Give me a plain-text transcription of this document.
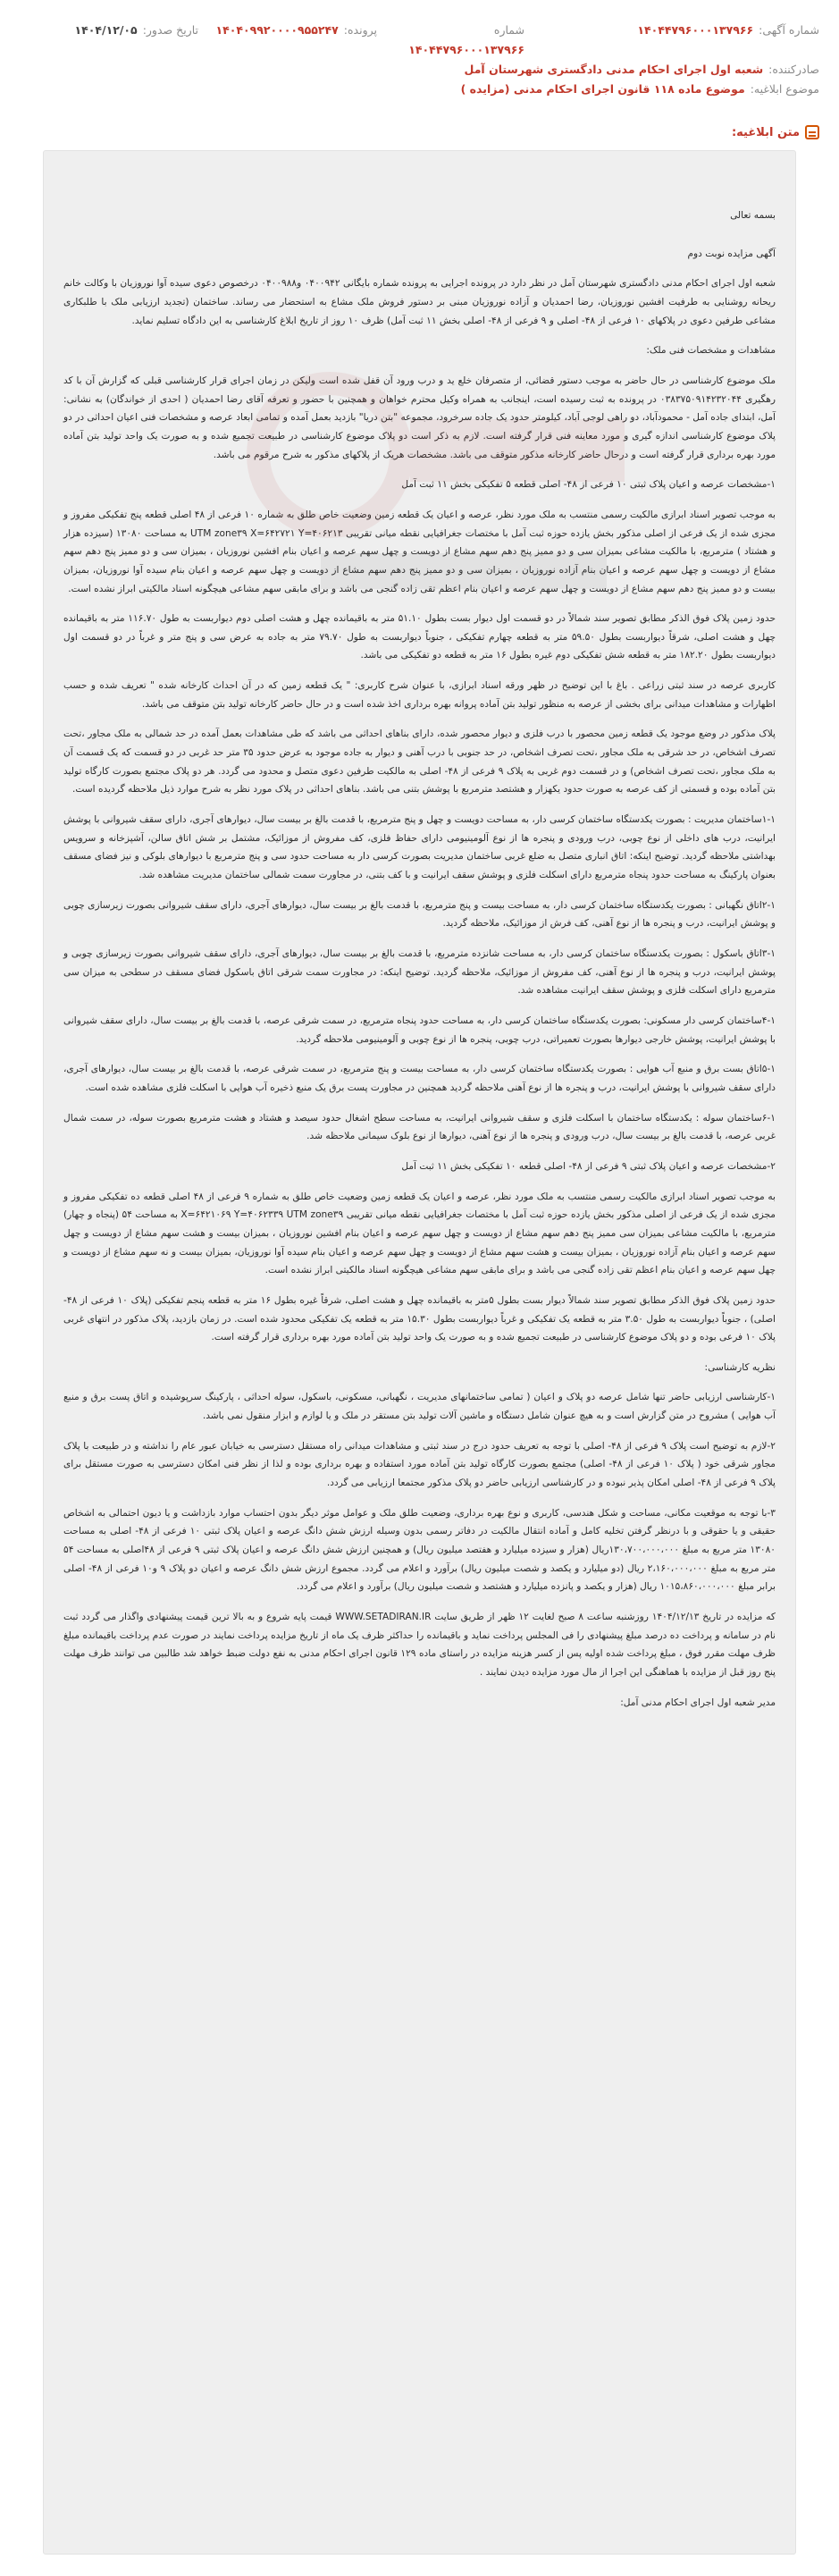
شماره آگهی:
۱۴۰۴۴۷۹۶۰۰۰۱۳۷۹۶۶
شماره
پرونده:
۱۴۰۴۰۹۹۲۰۰۰۰۹۵۵۲۴۷
تاریخ صدور:
۱۴۰۴/۱۲/۰۵
۱۴۰۴۴۷۹۶۰۰۰۱۳۷۹۶۶
صادرکننده:
شعبه اول اجرای احکام مدنی دادگستری شهرستان آمل
موضوع ابلاغیه:
موضوع ماده ۱۱۸ قانون اجرای احکام مدنی (مزایده )
متن ابلاغیه:

بسمه تعالی

آگهی مزایده نوبت دوم

شعبه اول اجرای احکام مدنی دادگستری شهرستان آمل در نظر دارد در پرونده اجرایی به پرونده شماره بایگانی ۰۴۰۰۹۴۲ و۰۴۰۰۹۸۸ درخصوص دعوی سیده آوا نوروزیان با وکالت خانم ریحانه روشنایی به طرفیت افشین نوروزیان، رضا احمدیان و آزاده نوروزیان مبنی بر دستور فروش ملک مشاع به استحضار می رساند. ساختمان (تجدید ارزیابی ملک با طلبکاری مشاعی طرفین دعوی در پلاکهای ۱۰ فرعی از ۴۸- اصلی و ۹ فرعی از ۴۸- اصلی بخش ۱۱ ثبت آمل) ظرف ۱۰ روز از تاریخ ابلاغ کارشناسی به این دادگاه تسلیم نماید.

مشاهدات و مشخصات فنی ملک:

ملک موضوع کارشناسی در حال حاضر به موجب دستور قضائی، از متصرفان خلع ید و درب ورود آن قفل شده است ولیکن در زمان اجرای قرار کارشناسی قبلی که گزارش آن با کد رهگیری ۰۳۸۳۷۵۰۹۱۴۲۳۲۰۴۴ در پرونده به ثبت رسیده است، اینجانب به همراه وکیل محترم خواهان و همچنین با حضور و تعرفه آقای رضا احمدیان ( احدی از خواندگان) به نشانی: آمل، ابتدای جاده آمل - محمودآباد، دو راهی لوجی آباد، کیلومتر حدود یک جاده سرخرود، مجموعه "بتن دریا" بازدید بعمل آمده و تمامی ابعاد عرصه و مشخصات فنی اعیان احداثی در دو پلاک موضوع کارشناسی اندازه گیری و مورد معاینه فنی قرار گرفته است. لازم به ذکر است دو پلاک موضوع کارشناسی در طبیعت تجمیع شده و به صورت یک واحد تولید بتن آماده مورد بهره برداری قرار گرفته است و درحال حاضر کارخانه مذکور متوقف می باشد. مشخصات هریک از پلاکهای مذکور به شرح مرقوم می باشد.

۱-مشخصات عرصه و اعیان پلاک ثبتی ۱۰ فرعی از ۴۸- اصلی قطعه ۵ تفکیکی بخش ۱۱ ثبت آمل

به موجب تصویر اسناد ابرازی مالکیت رسمی منتسب به ملک مورد نظر، عرصه و اعیان یک قطعه زمین وضعیت خاص طلق به شماره ۱۰ فرعی از ۴۸ اصلی قطعه پنج تفکیکی مفروز و مجزی شده از یک فرعی از اصلی مذکور بخش یازده حوزه ثبت آمل با مختصات جغرافیایی نقطه میانی تقریبی UTM zone۳۹ X=۶۴۲۷۲۱ Y=۴۰۶۲۱۳ به مساحت ۱۳۰۸۰ (سیزده هزار و هشتاد ) مترمربع، با مالکیت مشاعی بمیزان سی و دو ممیز پنج دهم سهم مشاع از دویست و چهل سهم عرصه و اعیان بنام افشین نوروزیان ، بمیزان سی و دو ممیز پنج دهم سهم مشاع از دویست و چهل سهم عرصه و اعیان بنام آزاده نوروزیان ، بمیزان سی و دو ممیز پنج دهم سهم مشاع از دویست و چهل سهم عرصه و اعیان بنام سیده آوا نوروزیان، بمیزان بیست و دو ممیز پنج دهم سهم مشاع از دویست و چهل سهم عرصه و اعیان بنام اعظم تقی زاده گنجی می باشد و برای مابقی سهم مشاعی هیچگونه اسناد مالکیتی ابراز نشده است.

حدود زمین پلاک فوق الذکر مطابق تصویر سند شمالاً در دو قسمت اول دیوار بست بطول ۵۱.۱۰ متر به باقیمانده چهل و هشت اصلی دوم دیواربست به طول ۱۱۶.۷۰ متر به باقیمانده چهل و هشت اصلی، شرقاً دیواربست بطول ۵۹.۵۰ متر به قطعه چهارم تفکیکی ، جنوباً دیواربست به طول ۷۹.۷۰ متر به جاده به عرض سی و پنج متر و غرباً در دو قسمت اول دیواربست بطول ۱۸۲.۲۰ متر به قطعه شش تفکیکی دوم غیره بطول ۱۶ متر به قطعه دو تفکیکی می باشد.

کاربری عرصه در سند ثبتی زراعی . باغ با این توضیح در ظهر ورقه اسناد ابرازی، با عنوان شرح کاربری: " یک قطعه زمین که در آن احداث کارخانه شده " تعریف شده و حسب اظهارات و مشاهدات میدانی برای بخشی از عرصه به منظور تولید بتن آماده پروانه بهره برداری اخذ شده است و در حال حاضر کارخانه تولید بتن متوقف می باشد.

پلاک مذکور در وضع موجود یک قطعه زمین محصور با درب فلزی و دیوار محصور شده، دارای بناهای احداثی می باشد که طی مشاهدات بعمل آمده در حد شمالی به ملک مجاور ،تحت تصرف اشخاص، در حد شرقی به ملک مجاور ،تحت تصرف اشخاص، در حد جنوبی با درب آهنی و دیوار به جاده موجود به عرض حدود ۳۵ متر حد غربی در دو قسمت که یک قسمت آن به ملک مجاور ،تحت تصرف اشخاص) و در قسمت دوم غربی به پلاک ۹ فرعی از ۴۸- اصلی به مالکیت طرفین دعوی متصل و محدود می گردد. هر دو پلاک مجتمع بصورت کارگاه تولید بتن آماده بوده و قسمتی از کف عرصه به صورت حدود یکهزار و هشتصد مترمربع با پوشش بتنی می باشد. بناهای احداثی در پلاک مورد نظر به شرح موارد ذیل ملاحظه گردیده است.

۱-۱ساختمان مدیریت : بصورت یکدستگاه ساختمان کرسی دار، به مساحت دویست و چهل و پنج مترمربع، با قدمت بالغ بر بیست سال، دیوارهای آجری، دارای سقف شیروانی با پوشش ایرانیت، درب های داخلی از نوع چوبی، درب ورودی و پنجره ها از نوع آلومینیومی دارای حفاظ فلزی، کف مفروش از موزائیک، مشتمل بر شش اتاق سالن، آشپزخانه و سرویس بهداشتی ملاحظه گردید. توضیح اینکه: اتاق انباری متصل به ضلع غربی ساختمان مدیریت بصورت کرسی دار به مساحت حدود سی و پنج مترمربع با دیوارهای بلوکی و نیز فضای مسقف بعنوان پارکینگ به مساحت حدود پنجاه مترمربع دارای اسکلت فلزی و پوشش سقف ایرانیت و با کف بتنی، در مجاورت سمت شمالی ساختمان مدیریت مشاهده شد.

۲-۱اتاق نگهبانی : بصورت یکدستگاه ساختمان کرسی دار، به مساحت بیست و پنج مترمربع، با قدمت بالغ بر بیست سال، دیوارهای آجری، دارای سقف شیروانی بصورت زیرسازی چوبی و پوشش ایرانیت، درب و پنجره ها از نوع آهنی، کف فرش از موزائیک، ملاحظه گردید.

۳-۱اتاق باسکول : بصورت یکدستگاه ساختمان کرسی دار، به مساحت شانزده مترمربع، با قدمت بالغ بر بیست سال، دیوارهای آجری، دارای سقف شیروانی بصورت زیرسازی چوبی و پوشش ایرانیت، درب و پنجره ها از نوع آهنی، کف مفروش از موزائیک، ملاحظه گردید. توضیح اینکه: در مجاورت سمت شرقی اتاق باسکول فضای مسقف در سطحی به میزان سی مترمربع دارای اسکلت فلزی و پوشش سقف ایرانیت مشاهده شد.

۴-۱ساختمان کرسی دار مسکونی: بصورت یکدستگاه ساختمان کرسی دار، به مساحت حدود پنجاه مترمربع، در سمت شرقی عرصه، با قدمت بالغ بر بیست سال، دارای سقف شیروانی با پوشش ایرانیت، پوشش خارجی دیوارها بصورت تعمیراتی، درب چوبی، پنجره ها از نوع چوبی و آلومینیومی ملاحظه گردید.

۵-۱اتاق بست برق و منبع آب هوایی : بصورت یکدستگاه ساختمان کرسی دار، به مساحت بیست و پنج مترمربع، در سمت شرقی عرصه، با قدمت بالغ بر بیست سال، دیوارهای آجری، دارای سقف شیروانی با پوشش ایرانیت، درب و پنجره ها از نوع آهنی ملاحظه گردید همچنین در مجاورت پست برق یک منبع ذخیره آب هوایی با اسکلت فلزی مشاهده شده است.

۶-۱ساختمان سوله : یکدستگاه ساختمان با اسکلت فلزی و سقف شیروانی ایرانیت، به مساحت سطح اشغال حدود سیصد و هشتاد و هشت مترمربع بصورت سوله، در سمت شمال غربی عرصه، با قدمت بالغ بر بیست سال، درب ورودی و پنجره ها از نوع آهنی، دیوارها از نوع بلوک سیمانی ملاحظه شد.

۲-مشخصات عرصه و اعیان پلاک ثبتی ۹ فرعی از ۴۸- اصلی قطعه ۱۰ تفکیکی بخش ۱۱ ثبت آمل

به موجب تصویر اسناد ابرازی مالکیت رسمی منتسب به ملک مورد نظر، عرصه و اعیان یک قطعه زمین وضعیت خاص طلق به شماره ۹ فرعی از ۴۸ اصلی قطعه ده تفکیکی مفروز و مجزی شده از یک فرعی از اصلی مذکور بخش یازده حوزه ثبت آمل با مختصات جغرافیایی نقطه میانی تقریبی X=۶۴۲۱۰۶۹ Y=۴۰۶۲۳۳۹ UTM zone۳۹ به مساحت ۵۴ (پنجاه و چهار) مترمربع، با مالکیت مشاعی بمیزان سی ممیز پنج دهم سهم مشاع از دویست و چهل سهم عرصه و اعیان بنام افشین نوروزیان ، بمیزان بیست و هشت سهم مشاع از دویست و چهل سهم عرصه و اعیان بنام آزاده نوروزیان ، بمیزان بیست و هشت سهم مشاع از دویست و چهل سهم عرصه و اعیان بنام سیده آوا نوروزیان، بمیزان بیست و نه سهم مشاع از دویست و چهل سهم عرصه و اعیان بنام اعظم تقی زاده گنجی می باشد و برای مابقی سهم مشاعی هیچگونه اسناد مالکیتی ابراز نشده است.

حدود زمین پلاک فوق الذکر مطابق تصویر سند شمالاً دیوار بست بطول ۵متر به باقیمانده چهل و هشت اصلی، شرقاً غیره بطول ۱۶ متر به قطعه پنجم تفکیکی (پلاک ۱۰ فرعی از ۴۸- اصلی) ، جنوباً دیواربست به طول ۳.۵۰ متر به قطعه یک تفکیکی و غرباً دیواربست بطول ۱۵.۳۰ متر به قطعه یک تفکیکی محدود شده است. در زمان بازدید، پلاک مذکور در انتهای غربی پلاک ۱۰ فرعی بوده و دو پلاک موضوع کارشناسی در طبیعت تجمیع شده و به صورت یک واحد تولید بتن آماده مورد بهره برداری قرار گرفته است.

نظریه کارشناسی:

۱-کارشناسی ارزیابی حاضر تنها شامل عرصه دو پلاک و اعیان ( تمامی ساختمانهای مدیریت ، نگهبانی، مسکونی، باسکول، سوله احداثی ، پارکینگ سرپوشیده و اتاق پست برق و منبع آب هوایی ) مشروح در متن گزارش است و به هیچ عنوان شامل دستگاه و ماشین آلات تولید بتن مستقر در ملک و یا لوازم و ابزار منقول نمی باشد.

۲-لازم به توضیح است پلاک ۹ فرعی از ۴۸- اصلی با توجه به تعریف حدود درج در سند ثبتی و مشاهدات میدانی راه مستقل دسترسی به خیابان عبور عام را نداشته و در طبیعت با پلاک مجاور شرقی خود ( پلاک ۱۰ فرعی از ۴۸- اصلی) مجتمع بصورت کارگاه تولید بتن آماده مورد استفاده و بهره برداری بوده و لذا از نظر فنی امکان دسترسی به صورت مستقل برای پلاک ۹ فرعی از ۴۸- اصلی امکان پذیر نبوده و در کارشناسی ارزیابی حاضر دو پلاک مذکور مجتمعا ارزیابی می گردد.

۳-با توجه به موقعیت مکانی، مساحت و شکل هندسی، کاربری و نوع بهره برداری، وضعیت طلق ملک و عوامل موثر دیگر بدون احتساب موارد بازداشت و یا دیون احتمالی به اشخاص حقیقی و یا حقوقی و با درنظر گرفتن تخلیه کامل و آماده انتقال مالکیت در دفاتر رسمی بدون وسیله ارزش شش دانگ عرصه و اعیان پلاک ثبتی ۱۰ فرعی از ۴۸- اصلی به مساحت ۱۳۰۸۰ متر مربع به مبلغ ۱۳۰،۷۰۰،۰۰۰،۰۰۰ریال (هزار و سیزده میلیارد و هفتصد میلیون ریال) و همچنین ارزش شش دانگ عرصه و اعیان پلاک ثبتی ۹ فرعی از ۴۸اصلی به مساحت ۵۴ متر مربع به مبلغ ۲،۱۶۰،۰۰۰،۰۰۰ ریال (دو میلیارد و یکصد و شصت میلیون ریال) برآورد و اعلام می گردد. مجموع ارزش شش دانگ عرصه و اعیان دو پلاک ۹ و۱۰ فرعی از ۴۸- اصلی برابر مبلغ ۱۰۱۵،۸۶۰،۰۰۰،۰۰۰ ریال (هزار و یکصد و پانزده میلیارد و هشتصد و شصت میلیون ریال) برآورد و اعلام می گردد.

که مزایده در تاریخ ۱۴۰۴/۱۲/۱۳ روزشنبه ساعت ۸ صبح لغایت ۱۲ ظهر از طریق سایت WWW.SETADIRAN.IR قیمت پایه شروع و به بالا ترین قیمت پیشنهادی واگذار می گردد ثبت نام در سامانه و پرداخت ده درصد مبلغ پیشنهادی را فی المجلس پرداخت نماید و باقیمانده را حداکثر ظرف یک ماه از تاریخ مزایده پرداخت نمایند در صورت عدم پرداخت باقیمانده مبلغ ظرف مهلت مقرر فوق ، مبلغ پرداخت شده اولیه پس از کسر هزینه مزایده در راستای ماده ۱۲۹ قانون اجرای احکام مدنی به نفع دولت ضبط خواهد شد طالبین می توانند ظرف مهلت پنج روز قبل از مزایده با هماهنگی این اجرا از مال مورد مزایده دیدن نمایند .

مدیر شعبه اول اجرای احکام مدنی آمل:
